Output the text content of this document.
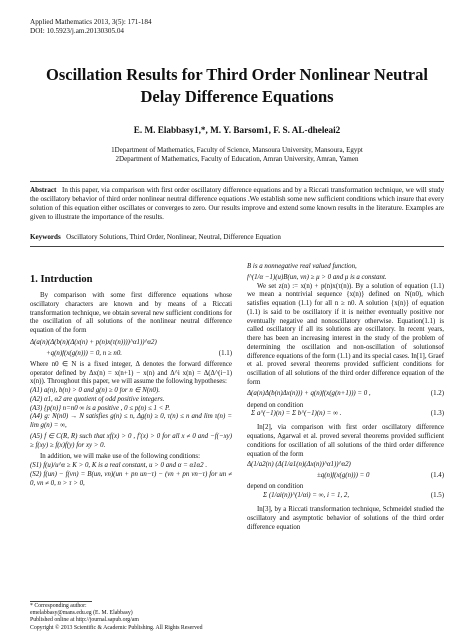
Applied Mathematics 2013, 3(5): 171-184
DOI: 10.5923/j.am.20130305.04
Oscillation Results for Third Order Nonlinear Neutral
Delay Difference Equations
E. M. Elabbasy1,*, M. Y. Barsom1, F. S. AL-dheleai2
1Department of Mathematics, Faculty of Science, Mansoura University, Mansoura, Egypt
2Department of Mathematics, Faculty of Education, Amran University, Amran, Yamen
Abstract In this paper, via comparison with first order oscillatory difference equations and by a Riccati transformation technique, we will study the oscillatory behavior of third order nonlinear neutral difference equations .We establish some new sufficient conditions which insure that every solution of this equation either oscillates or converges to zero. Our results improve and extend some known results in the literature. Examples are given to illustrate the importance of the results.
Keywords Oscillatory Solutions, Third Order, Nonlinear, Neutral, Difference Equation
1. Intrduction

By comparison with some first difference equations whose oscillatory characters are known and by means of a Riccati transformation technique, we obtain several new sufficient conditions for the oscillation of all solutions of the nonlinear neutral difference equation of the form

Δ(a(n)(Δ(b(n)(Δ(x(n) + p(n)x(τ(n))))^α1))^α2)
+q(n)f(x(g(n))) = 0, n ≥ n0.	(1.1)

Where n0 ∈ N is a fixed integer, Δ denotes the forward difference operator defined by Δx(n) = x(n+1) − x(n) and Δ^i x(n) = Δ(Δ^(i−1) x(n)). Throughout this paper, we will assume the following hypotheses:

(A1) a(n), b(n) > 0 and g(n) ≥ 0 for n ∈ N(n0).

(A2) α1, α2 are quotient of odd positive integers.

(A3) {p(n)} n=n0 ∞ is a positive , 0 ≤ p(n) ≤ 1 < P.

(A4) g: N(n0) → N satisfies g(n) ≤ n, Δg(n) ≥ 0, τ(n) ≤ n and lim τ(n) = lim g(n) = ∞,

(A5) f ∈ C(R, R) such that xf(x) > 0 , f′(x) > 0 for all x ≠ 0 and −f(−xy) ≥ f(xy) ≥ f(x)f(y) for xy > 0.

In addition, we will make use of the following conditions:

(S1) f(u)/u^α ≥ K > 0, K is a real constant, u > 0 and α = α1α2 .

(S2) f(un) − f(vn) = B(un, vn)(un + pn un−τ) − (vn + pn vn−τ) for un ≠ 0, vn ≠ 0, n > τ > 0,

* Corresponding author:
emelabbasy@mans.edu.eg (E. M. Elabbasy)
Published online at http://journal.sapub.org/am
Copyright © 2013 Scientific & Academic Publishing. All Rights Reserved

B is a nonnegative real valued function,

f^(1/α −1)(u)B(un, vn) ≥ μ > 0 and μ is a constant.

We set z(n) := x(n) + p(n)x(τ(n)). By a solution of equation (1.1) we mean a nontrivial sequence {x(n)} defined on N(n0), which satisfies equation (1.1) for all n ≥ n0. A solution {x(n)} of equation (1.1) is said to be oscillatory if it is neither eventually positive nor eventually negative and nonoscillatory otherwise. Equation(1.1) is called oscillatory if all its solutions are oscillatory. In recent years, there has been an increasing interest in the study of the problem of determining the oscillation and non-oscillation of solutionsof difference equations of the form (1.1) and its special cases. In[1], Graef et al. proved several theorems provided sufficient conditions for oscillation of all solutions of the third order difference equation of the form

Δ(a(n)Δ(b(n)Δx(n))) + q(n)f(x(g(n+1))) = 0 ,	(1.2)

depend on condition

Σ a^(−1)(n) = Σ b^(−1)(n) = ∞ .	(1.3)

In[2], via comparison with first order oscillatory difference equations, Agarwal et al. proved several theorems provided sufficient conditions for oscillation of all solutions of the third order difference equation of the form

Δ(1/a2(n) (Δ(1/a1(n)(Δx(n))^α1))^α2)
±q(n)f(x(g(n))) = 0	(1.4)

depend on condition

Σ (1/ai(n))^(1/αi) = ∞, i = 1, 2,	(1.5)

In[3], by a Riccati transformation technique, Schmeidel studied the oscillatory and asymptotic behavior of solutions of the third order difference equation
